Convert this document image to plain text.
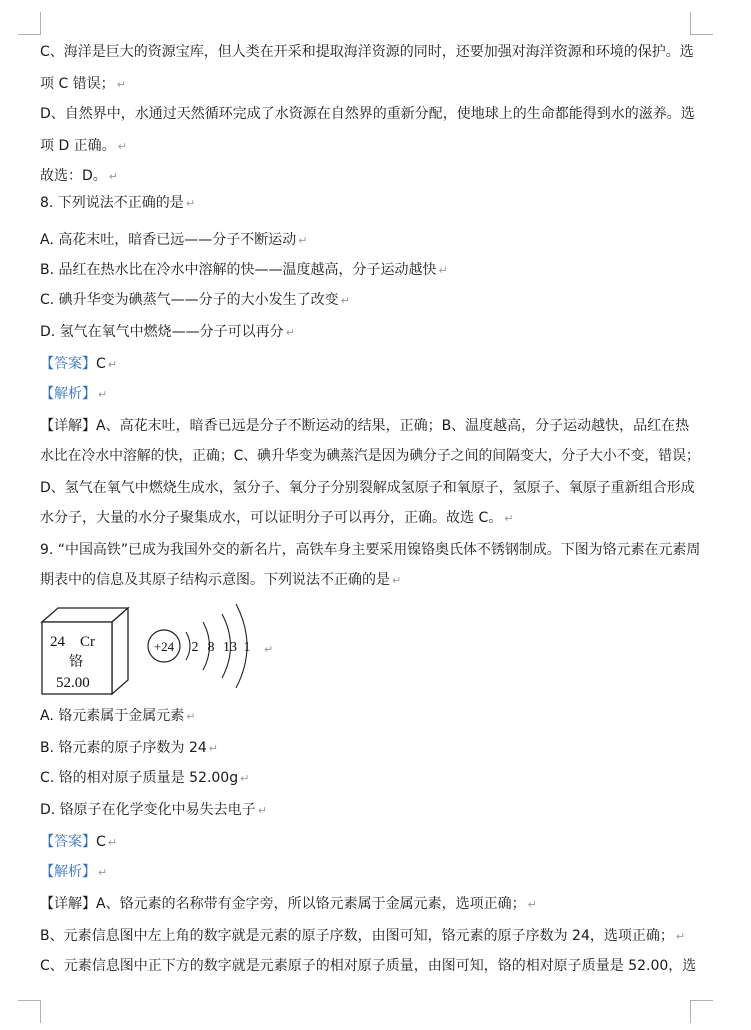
C、海洋是巨大的资源宝库，但人类在开采和提取海洋资源的同时，还要加强对海洋资源和环境的保护。选
项 C 错误； ↵
D、自然界中，水通过天然循环完成了水资源在自然界的重新分配，使地球上的生命都能得到水的滋养。选
项 D 正确。 ↵
故选：D。 ↵
8. 下列说法不正确的是 ↵
A. 高花末吐，暗香已远——分子不断运动 ↵
B. 品红在热水比在冷水中溶解的快——温度越高，分子运动越快 ↵
C. 碘升华变为碘蒸气——分子的大小发生了改变 ↵
D. 氢气在氧气中燃烧——分子可以再分 ↵
【答案】C ↵
【解析】 ↵
【详解】A、高花末吐，暗香已远是分子不断运动的结果，正确；B、温度越高，分子运动越快，品红在热
水比在冷水中溶解的快，正确；C、碘升华变为碘蒸汽是因为碘分子之间的间隔变大，分子大小不变，错误；
D、氢气在氧气中燃烧生成水，氢分子、氧分子分别裂解成氢原子和氧原子，氢原子、氧原子重新组合形成
水分子，大量的水分子聚集成水，可以证明分子可以再分，正确。故选 C。 ↵
9. “中国高铁”已成为我国外交的新名片，高铁车身主要采用镍铬奥氏体不锈钢制成。下图为铬元素在元素周
期表中的信息及其原子结构示意图。下列说法不正确的是 ↵
24 Cr
铬
52.00
+24 2 8 13 1 ↵
A. 铬元素属于金属元素 ↵
B. 铬元素的原子序数为 24 ↵
C. 铬的相对原子质量是 52.00g ↵
D. 铬原子在化学变化中易失去电子 ↵
【答案】C ↵
【解析】 ↵
【详解】A、铬元素的名称带有金字旁，所以铬元素属于金属元素，选项正确； ↵
B、元素信息图中左上角的数字就是元素的原子序数，由图可知，铬元素的原子序数为 24，选项正确； ↵
C、元素信息图中正下方的数字就是元素原子的相对原子质量，由图可知，铬的相对原子质量是 52.00，选
